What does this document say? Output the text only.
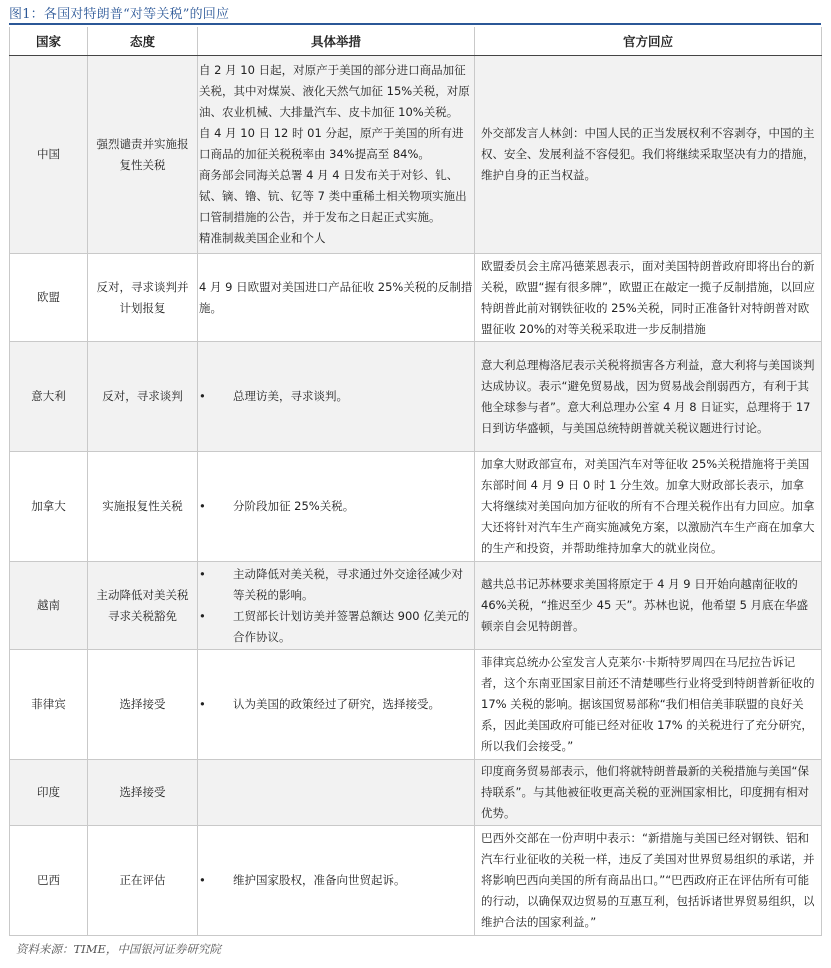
图1：各国对特朗普“对等关税”的回应
国家	态度	具体举措	官方回应
中国	强烈谴责并实施报复性关税	自 2 月 10 日起，对原产于美国的部分进口商品加征关税，其中对煤炭、液化天然气加征 15%关税，对原油、农业机械、大排量汽车、皮卡加征 10%关税。
自 4 月 10 日 12 时 01 分起，原产于美国的所有进口商品的加征关税税率由 34%提高至 84%。
商务部会同海关总署 4 月 4 日发布关于对钐、钆、铽、镝、镥、钪、钇等 7 类中重稀土相关物项实施出口管制措施的公告，并于发布之日起正式实施。
精准制裁美国企业和个人	外交部发言人林剑：中国人民的正当发展权利不容剥夺，中国的主权、安全、发展利益不容侵犯。我们将继续采取坚决有力的措施，维护自身的正当权益。
欧盟	反对，寻求谈判并计划报复	4 月 9 日欧盟对美国进口产品征收 25%关税的反制措施。	欧盟委员会主席冯德莱恩表示，面对美国特朗普政府即将出台的新关税，欧盟“握有很多牌”，欧盟正在敲定一揽子反制措施，以回应特朗普此前对钢铁征收的 25%关税，同时正准备针对特朗普对欧盟征收 20%的对等关税采取进一步反制措施
意大利	反对，寻求谈判	• 总理访美，寻求谈判。	意大利总理梅洛尼表示关税将损害各方利益，意大利将与美国谈判达成协议。表示“避免贸易战，因为贸易战会削弱西方，有利于其他全球参与者”。意大利总理办公室 4 月 8 日证实，总理将于 17 日到访华盛顿，与美国总统特朗普就关税议题进行讨论。
加拿大	实施报复性关税	• 分阶段加征 25%关税。	加拿大财政部宣布，对美国汽车对等征收 25%关税措施将于美国东部时间 4 月 9 日 0 时 1 分生效。加拿大财政部长表示，加拿大将继续对美国向加方征收的所有不合理关税作出有力回应。加拿大还将针对汽车生产商实施减免方案，以激励汽车生产商在加拿大的生产和投资，并帮助维持加拿大的就业岗位。
越南	主动降低对美关税寻求关税豁免	• 主动降低对美关税，寻求通过外交途径减少对等关税的影响。
• 工贸部长计划访美并签署总额达 900 亿美元的合作协议。	越共总书记苏林要求美国将原定于 4 月 9 日开始向越南征收的 46%关税，“推迟至少 45 天”。苏林也说，他希望 5 月底在华盛顿亲自会见特朗普。
菲律宾	选择接受	• 认为美国的政策经过了研究，选择接受。	菲律宾总统办公室发言人克莱尔·卡斯特罗周四在马尼拉告诉记者，这个东南亚国家目前还不清楚哪些行业将受到特朗普新征收的 17% 关税的影响。据该国贸易部称“我们相信美菲联盟的良好关系，因此美国政府可能已经对征收 17% 的关税进行了充分研究，所以我们会接受。”
印度	选择接受		印度商务贸易部表示，他们将就特朗普最新的关税措施与美国“保持联系”。与其他被征收更高关税的亚洲国家相比，印度拥有相对优势。
巴西	正在评估	• 维护国家股权，准备向世贸起诉。	巴西外交部在一份声明中表示：“新措施与美国已经对钢铁、铝和汽车行业征收的关税一样，违反了美国对世界贸易组织的承诺，并将影响巴西向美国的所有商品出口。”“巴西政府正在评估所有可能的行动，以确保双边贸易的互惠互利，包括诉诸世界贸易组织，以维护合法的国家利益。”
资料来源：TIME，中国银河证券研究院
